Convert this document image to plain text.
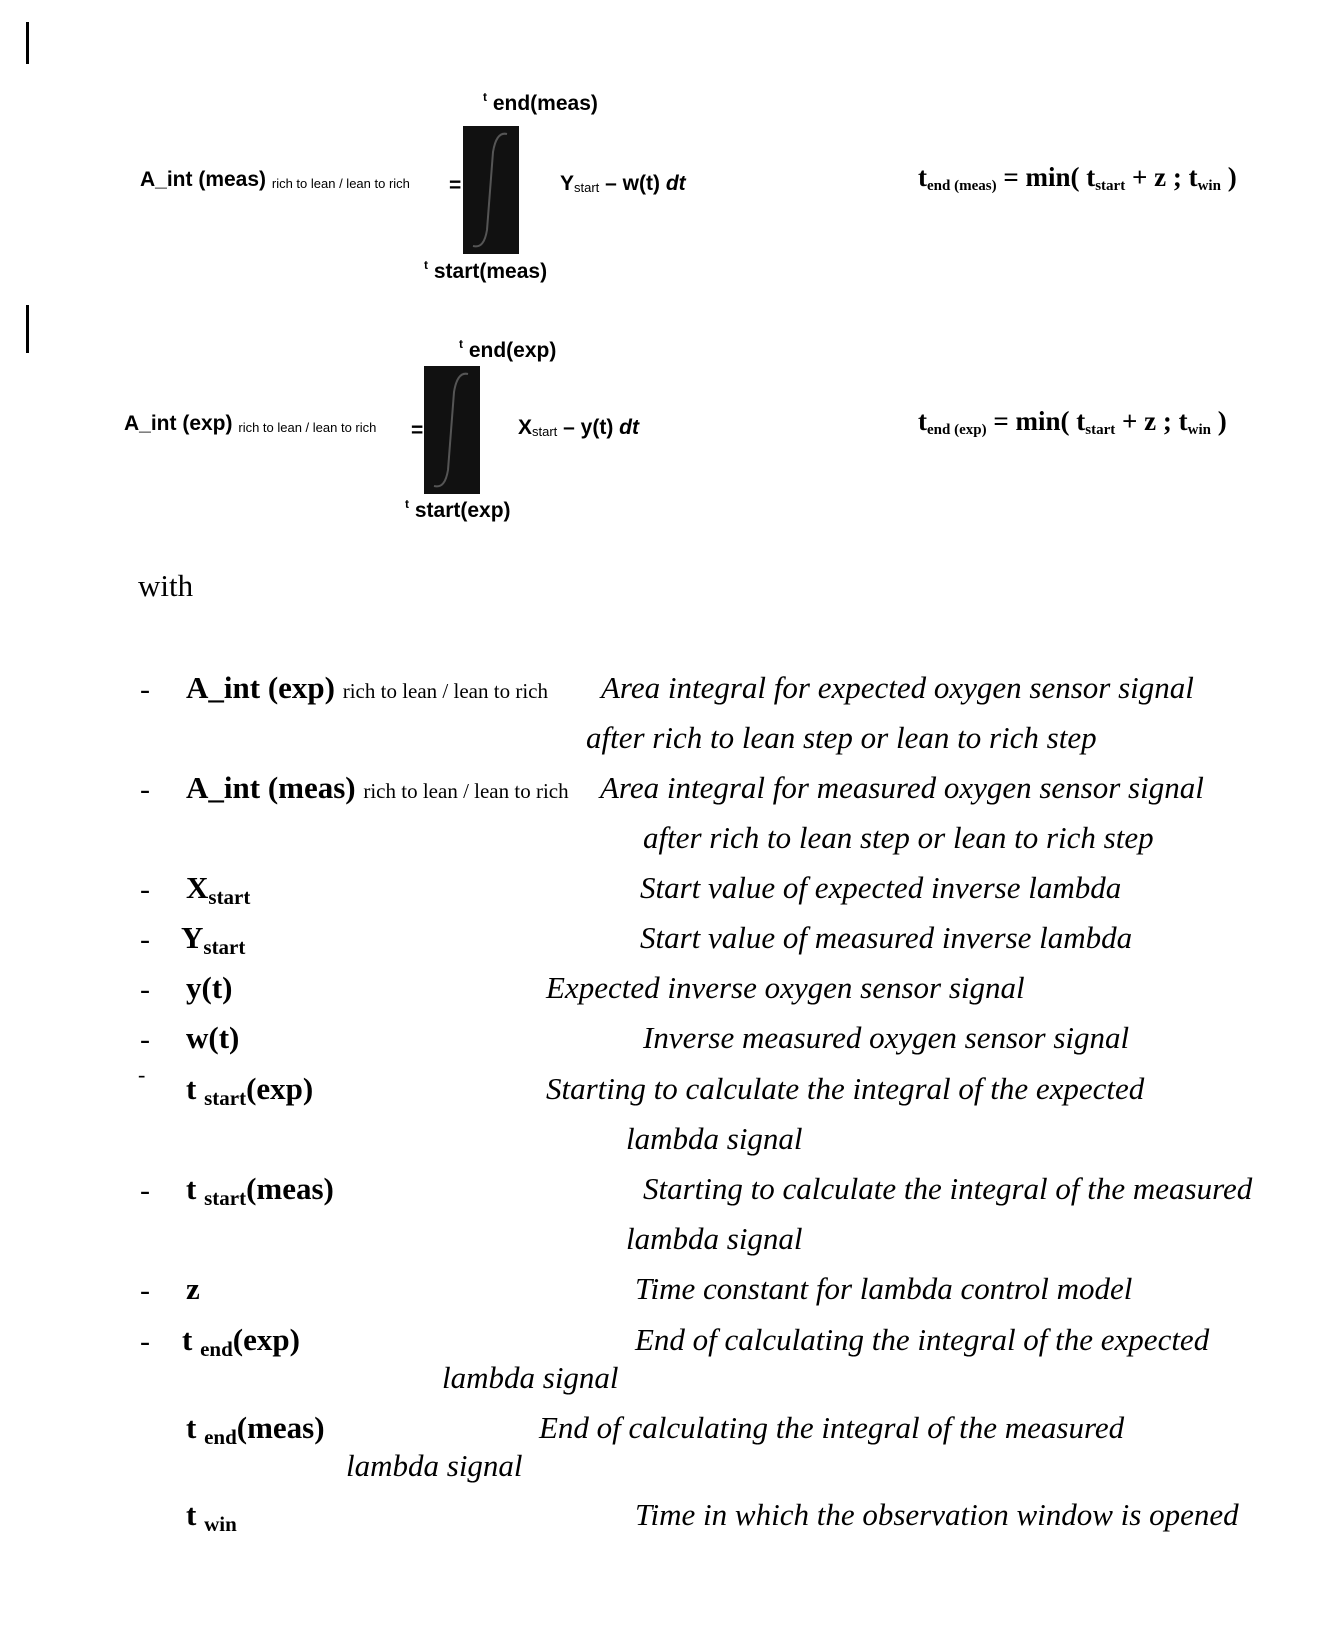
$^t$ end(meas)
A_int (meas) rich to lean / lean to rich =	Ystart – w(t) dt
$^t$ start(meas)
$t_{end (meas)} = \min$( $t_{start} + z$ ; $t_{win}$ )
$^t$ end(exp)
A_int (exp) rich to lean / lean to rich =	Xstart – y(t) dt
$^t$ start(exp)
$t_{end (exp)} = \min$( $t_{start} + z$ ; $t_{win}$ )
with
- A_int (exp) rich to lean / lean to rich Area integral for expected oxygen sensor signal
after rich to lean step or lean to rich step
- A_int (meas) rich to lean / lean to rich Area integral for measured oxygen sensor signal
after rich to lean step or lean to rich step
- Xstart	Start value of expected inverse lambda
- Ystart	Start value of measured inverse lambda
- y(t)	Expected inverse oxygen sensor signal
- w(t)	Inverse measured oxygen sensor signal
- t start(exp)	Starting to calculate the integral of the expected
lambda signal
- t start(meas)	Starting to calculate the integral of the measured
lambda signal
- z	Time constant for lambda control model
- t end(exp)	End of calculating the integral of the expected
lambda signal
t end(meas)	End of calculating the integral of the measured
lambda signal
t win	Time in which the observation window is opened
